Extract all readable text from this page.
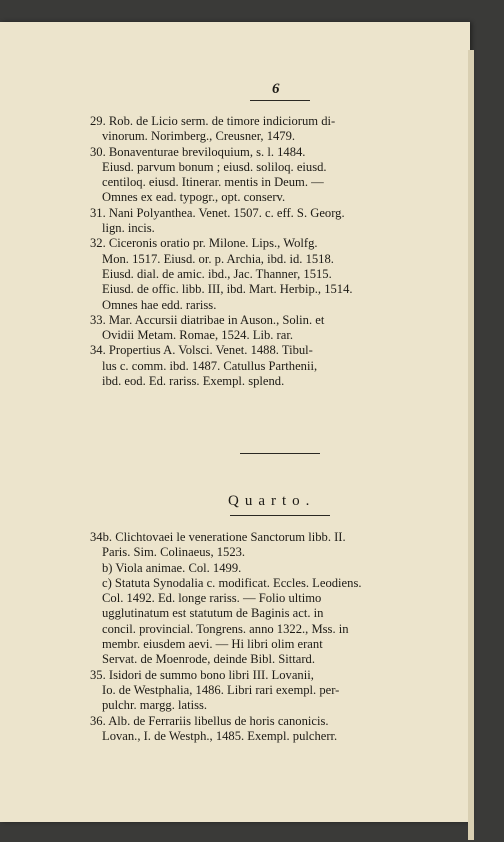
6

29. Rob. de Licio serm. de timore indiciorum di-
vinorum. Norimberg., Creusner, 1479.

30. Bonaventurae breviloquium, s. l. 1484.
Eiusd. parvum bonum ; eiusd. soliloq. eiusd.
centiloq. eiusd. Itinerar. mentis in Deum. —
Omnes ex ead. typogr., opt. conserv.

31. Nani Polyanthea. Venet. 1507. c. eff. S. Georg.
lign. incis.

32. Ciceronis oratio pr. Milone. Lips., Wolfg.
Mon. 1517. Eiusd. or. p. Archia, ibd. id. 1518.
Eiusd. dial. de amic. ibd., Jac. Thanner, 1515.
Eiusd. de offic. libb. III, ibd. Mart. Herbip., 1514.
Omnes hae edd. rariss.

33. Mar. Accursii diatribae in Auson., Solin. et
Ovidii Metam. Romae, 1524. Lib. rar.

34. Propertius A. Volsci. Venet. 1488. Tibul-
lus c. comm. ibd. 1487. Catullus Parthenii,
ibd. eod. Ed. rariss. Exempl. splend.

Quarto.

34b. Clichtovaei le veneratione Sanctorum libb. II.
Paris. Sim. Colinaeus, 1523.
b) Viola animae. Col. 1499.
c) Statuta Synodalia c. modificat. Eccles. Leodiens.
Col. 1492. Ed. longe rariss. — Folio ultimo
ugglutinatum est statutum de Baginis act. in
concil. provincial. Tongrens. anno 1322., Mss. in
membr. eiusdem aevi. — Hi libri olim erant
Servat. de Moenrode, deinde Bibl. Sittard.

35. Isidori de summo bono libri III. Lovanii,
Io. de Westphalia, 1486. Libri rari exempl. per-
pulchr. margg. latiss.

36. Alb. de Ferrariis libellus de horis canonicis.
Lovan., I. de Westph., 1485. Exempl. pulcherr.
